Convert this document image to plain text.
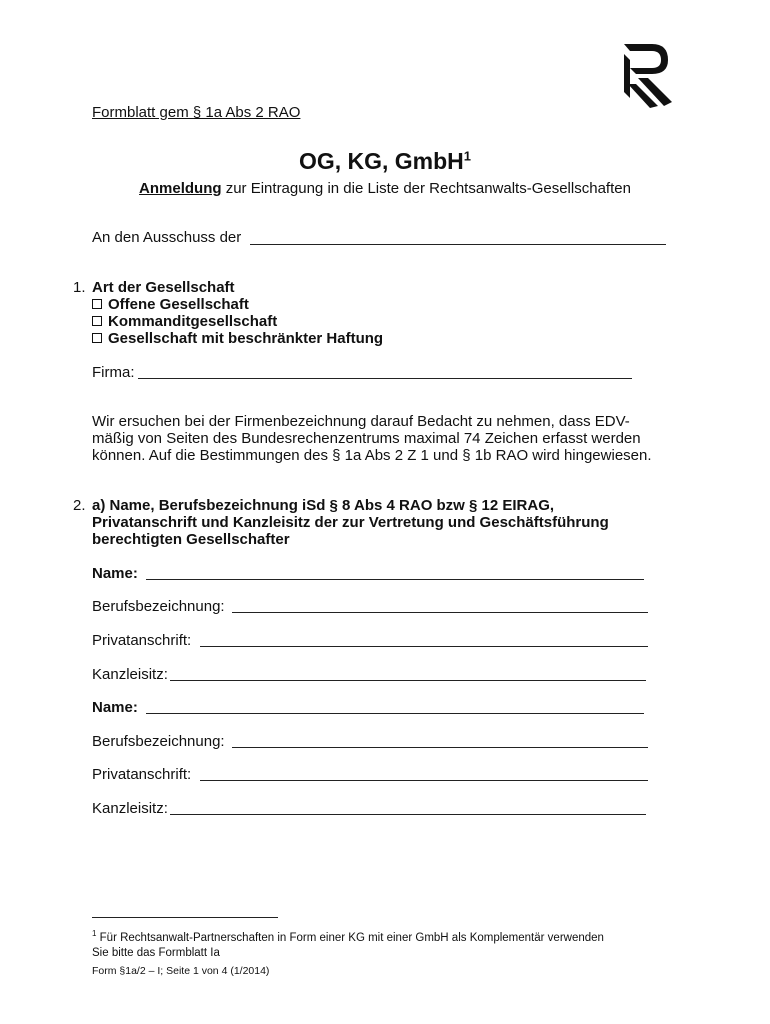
Formblatt gem § 1a Abs 2 RAO
OG, KG, GmbH$^1$
Anmeldung zur Eintragung in die Liste der Rechtsanwalts-Gesellschaften
An den Ausschuss der
1. Art der Gesellschaft
Offene Gesellschaft
Kommanditgesellschaft
Gesellschaft mit beschränkter Haftung
Firma:
Wir ersuchen bei der Firmenbezeichnung darauf Bedacht zu nehmen, dass EDV-
mäßig von Seiten des Bundesrechenzentrums maximal 74 Zeichen erfasst werden
können. Auf die Bestimmungen des § 1a Abs 2 Z 1 und § 1b RAO wird hingewiesen.
2. a) Name, Berufsbezeichnung iSd § 8 Abs 4 RAO bzw § 12 EIRAG,
Privatanschrift und Kanzleisitz der zur Vertretung und Geschäftsführung
berechtigten Gesellschafter
Name:
Berufsbezeichnung:
Privatanschrift:
Kanzleisitz:
Name:
Berufsbezeichnung:
Privatanschrift:
Kanzleisitz:
$^1$ Für Rechtsanwalt-Partnerschaften in Form einer KG mit einer GmbH als Komplementär verwenden
Sie bitte das Formblatt Ia
Form §1a/2 – I; Seite 1 von 4 (1/2014)
